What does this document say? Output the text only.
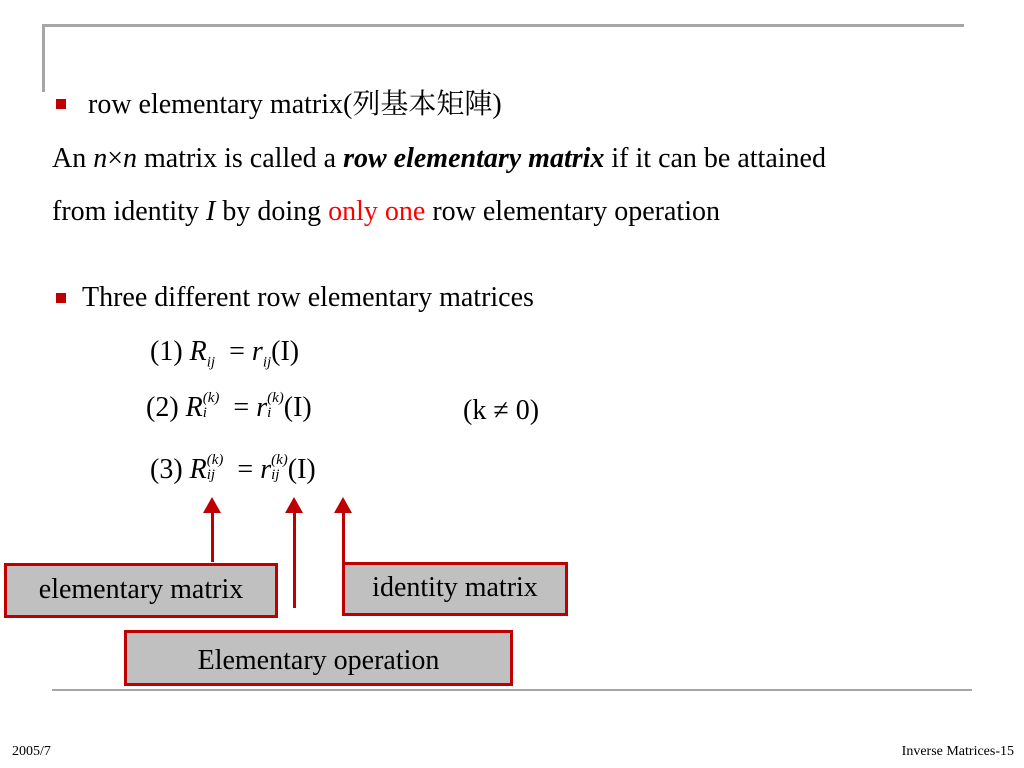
row elementary matrix(列基本矩陣)
An n×n matrix is called a row elementary matrix if it can be attained
from identity I by doing only one row elementary operation
Three different row elementary matrices
(1) $R_{ij} = r_{ij}(I)$
(2) R (k)
i = r (k)
i (I)	(k ≠ 0)
(3) R (k)
ij = r (k)
ij (I)
elementary matrix	identity matrix
Elementary operation
2005/7	Inverse Matrices-15
